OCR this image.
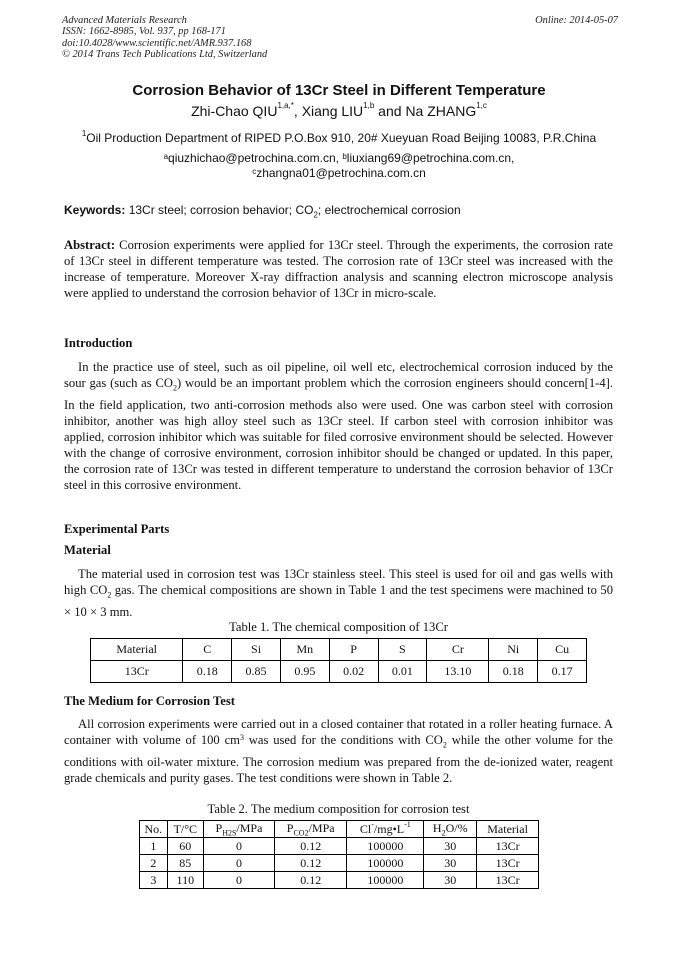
Advanced Materials Research
ISSN: 1662-8985, Vol. 937, pp 168-171
doi:10.4028/www.scientific.net/AMR.937.168
© 2014 Trans Tech Publications Ltd, Switzerland
Online: 2014-05-07
Corrosion Behavior of 13Cr Steel in Different Temperature
Zhi-Chao $QIU^{1,a,*}$, Xiang LIU$^{1,b}$ and Na ZHANG$^{1,c}$
$^1$Oil Production Department of RIPED P.O.Box 910, 20# Xueyuan Road Beijing 10083, P.R.China
$^a$qiuzhichao@petrochina.com.cn, $^b$liuxiang69@petrochina.com.cn,
$^c$zhangna01@petrochina.com.cn
Keywords: 13Cr steel; corrosion behavior; $CO_2$; electrochemical corrosion
Abstract: Corrosion experiments were applied for 13Cr steel. Through the experiments, the corrosion rate of 13Cr steel in different temperature was tested. The corrosion rate of 13Cr steel was increased with the increase of temperature. Moreover X-ray diffraction analysis and scanning electron microscope analysis were applied to understand the corrosion behavior of 13Cr in micro-scale.
Introduction
In the practice use of steel, such as oil pipeline, oil well etc, electrochemical corrosion induced by the sour gas (such as $CO_2$) would be an important problem which the corrosion engineers should concern[1-4]. In the field application, two anti-corrosion methods also were used. One was carbon steel with corrosion inhibitor, another was high alloy steel such as 13Cr steel. If carbon steel with corrosion inhibitor was applied, corrosion inhibitor which was suitable for filed corrosive environment should be selected. However with the change of corrosive environment, corrosion inhibitor should be changed or updated. In this paper, the corrosion rate of 13Cr was tested in different temperature to understand the corrosion behavior of 13Cr steel in this corrosive environment.
Experimental Parts
Material
The material used in corrosion test was 13Cr stainless steel. This steel is used for oil and gas wells with high $CO_2$ gas. The chemical compositions are shown in Table 1 and the test specimens were machined to 50 × 10 × 3 mm.
Table 1. The chemical composition of 13Cr
Material	C	Si	Mn	P	S	Cr	Ni	Cu
13Cr	0.18	0.85	0.95	0.02	0.01	13.10	0.18	0.17
The Medium for Corrosion Test
All corrosion experiments were carried out in a closed container that rotated in a roller heating furnace. A container with volume of 100 $cm^3$ was used for the conditions with $CO_2$ while the other volume for the conditions with oil-water mixture. The corrosion medium was prepared from the de-ionized water, reagent grade chemicals and purity gases. The test conditions were shown in Table 2.
Table 2. The medium composition for corrosion test
No.	T/°C	$P_{H2S}$/MPa	$P_{CO2}$/MPa	$Cl^-/mg•L^{-1}$	$H_2O/\%$	Material
1	60	0	0.12	100000	30	13Cr
2	85	0	0.12	100000	30	13Cr
3	110	0	0.12	100000	30	13Cr
